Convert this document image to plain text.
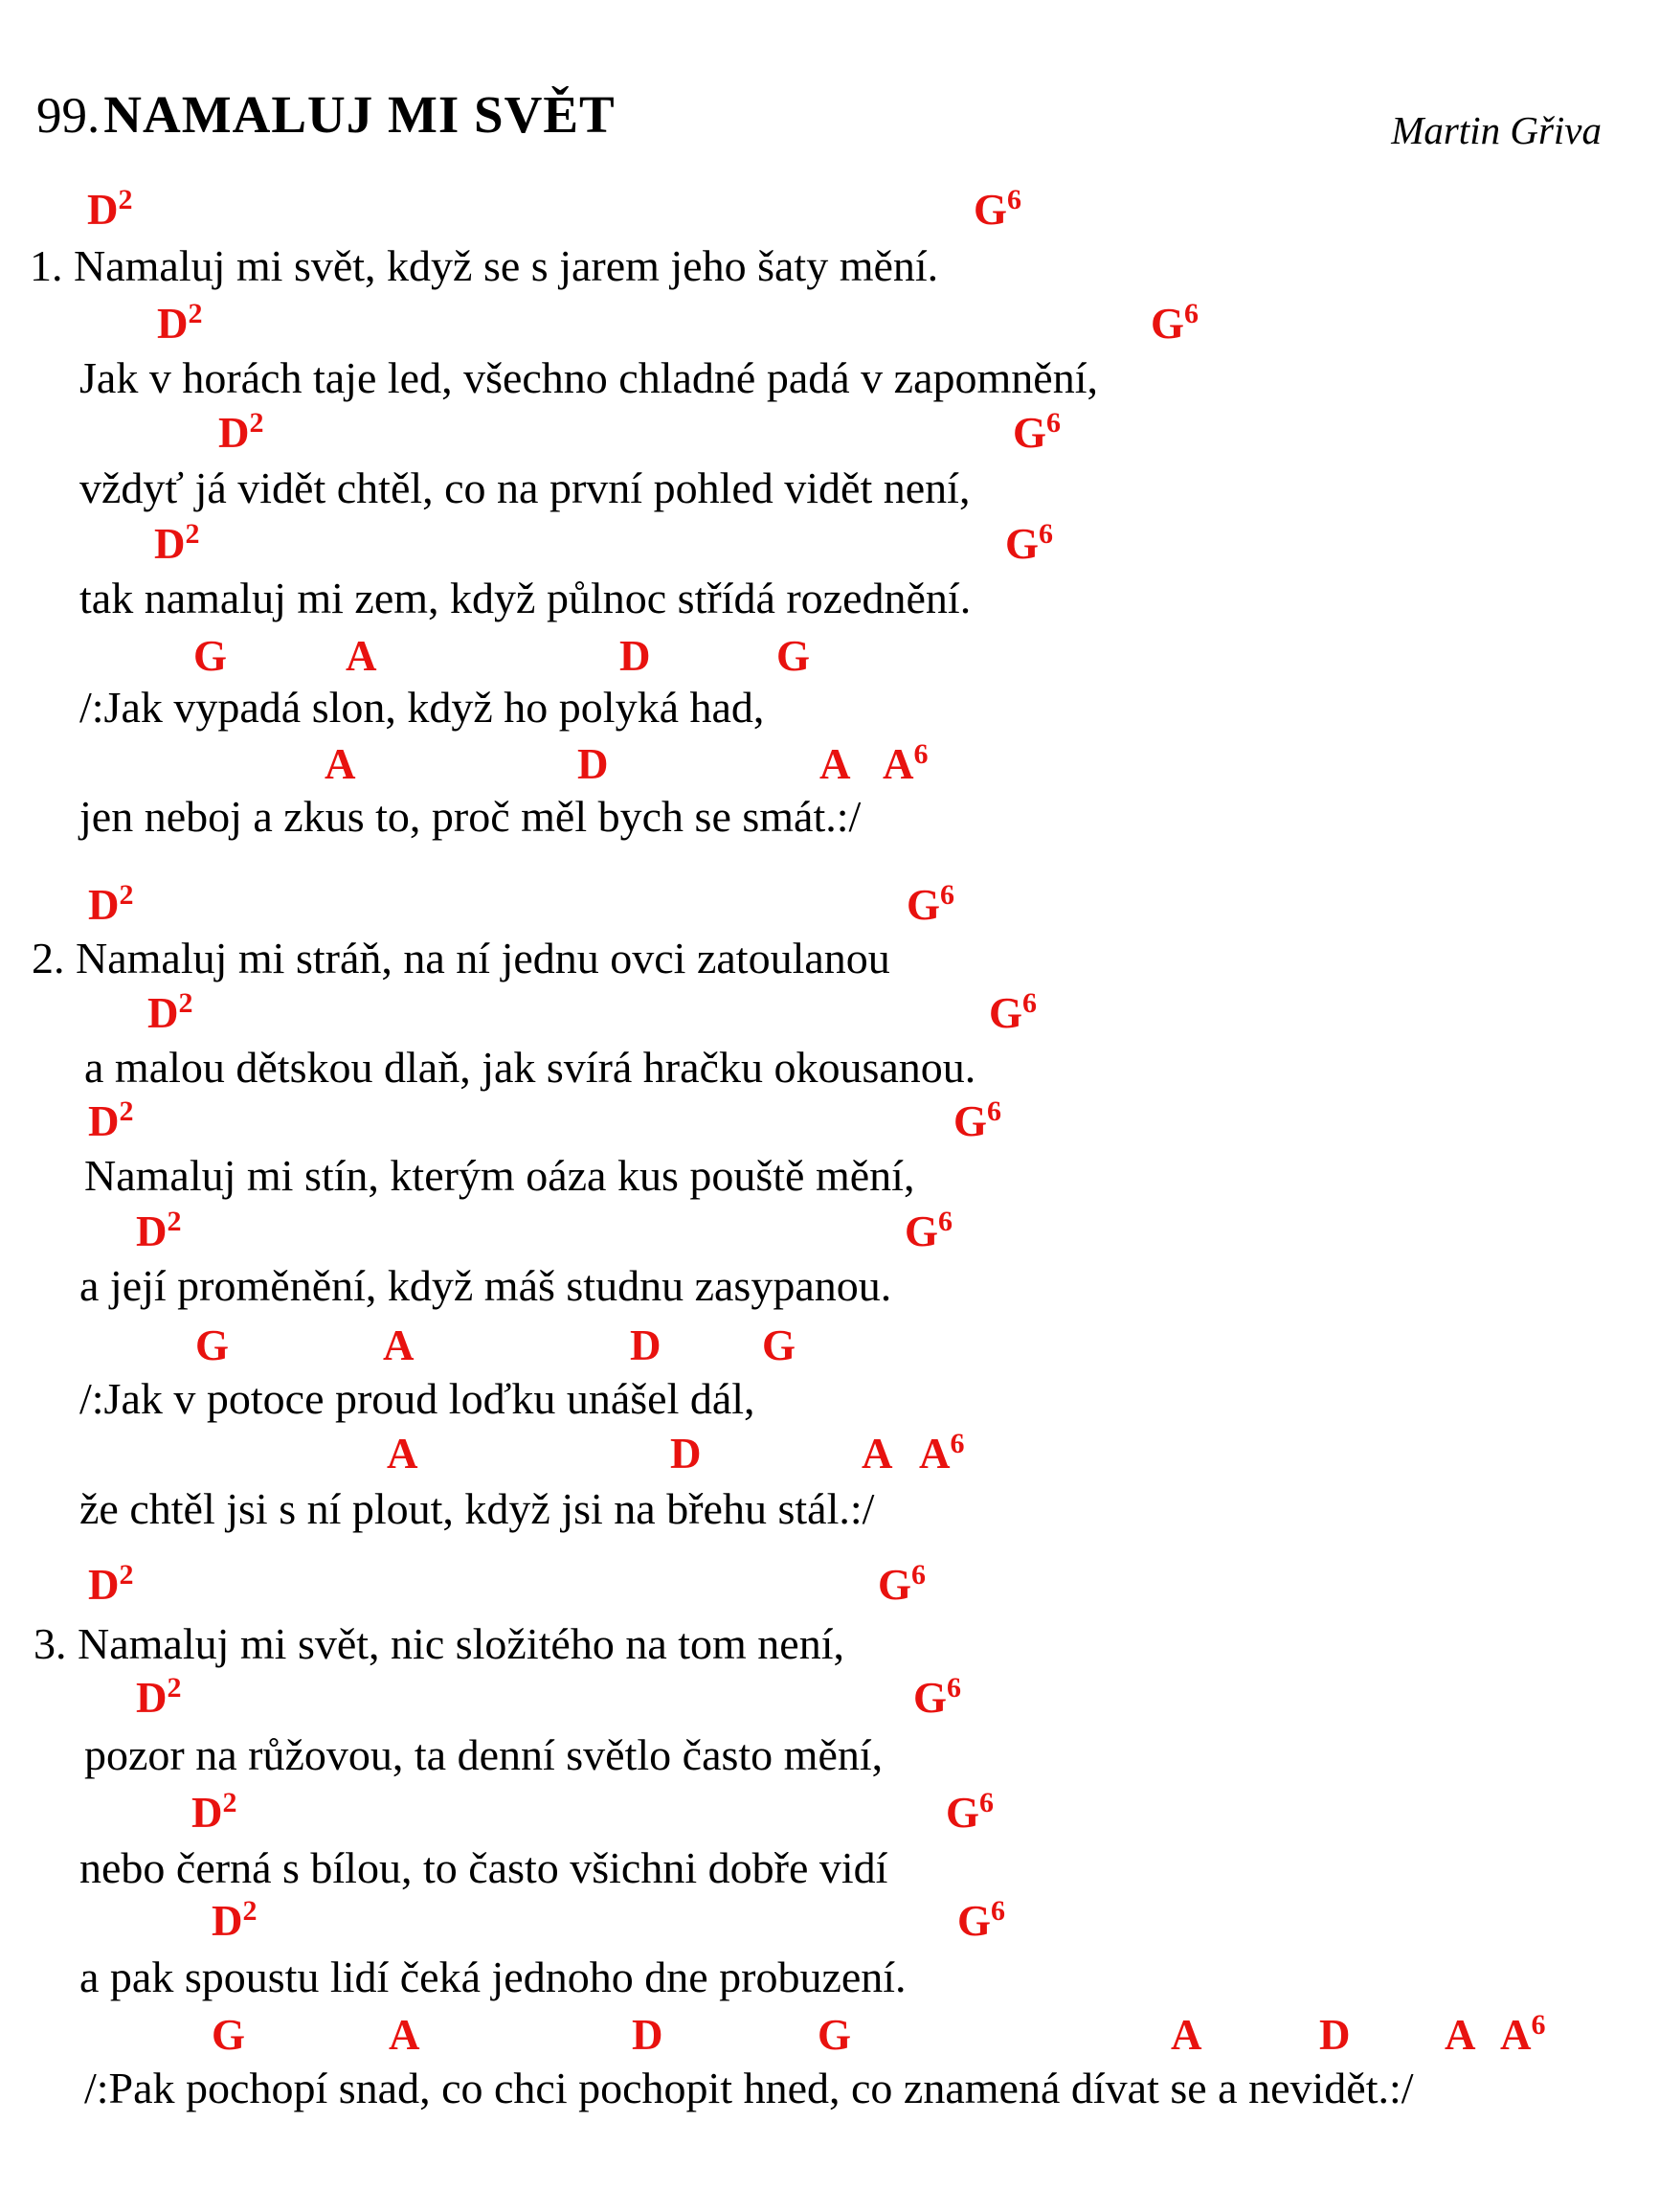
99. NAMALUJ MI SVĚT	Martin Gřiva
$D^2$	$G^6$
1. Namaluj mi svět, když se s jarem jeho šaty mění.
$D^2$	$G^6$
Jak v horách taje led, všechno chladné padá v zapomnění,
$D^2$	$G^6$
vždyť já vidět chtěl, co na první pohled vidět není,
$D^2$	$G^6$
tak namaluj mi zem, když půlnoc střídá rozednění.
G	A	D	G
/:Jak vypadá slon, když ho polyká had,
A	D	A $A^6$
jen neboj a zkus to, proč měl bych se smát.:/
$D^2$	$G^6$
2. Namaluj mi stráň, na ní jednu ovci zatoulanou
$D^2$	$G^6$
a malou dětskou dlaň, jak svírá hračku okousanou.
$D^2$	$G^6$
Namaluj mi stín, kterým oáza kus pouště mění,
$D^2$	$G^6$
a její proměnění, když máš studnu zasypanou.
G	A	D G
/:Jak v potoce proud loďku unášel dál,
A	D	A $A^6$
že chtěl jsi s ní plout, když jsi na břehu stál.:/
$D^2$	$G^6$
3. Namaluj mi svět, nic složitého na tom není,
$D^2$	$G^6$
pozor na růžovou, ta denní světlo často mění,
$D^2$	$G^6$
nebo černá s bílou, to často všichni dobře vidí
$D^2$	$G^6$
a pak spoustu lidí čeká jednoho dne probuzení.
G	A	D	G	A	D A $A^6$
/:Pak pochopí snad, co chci pochopit hned, co znamená dívat se a nevidět.:/
